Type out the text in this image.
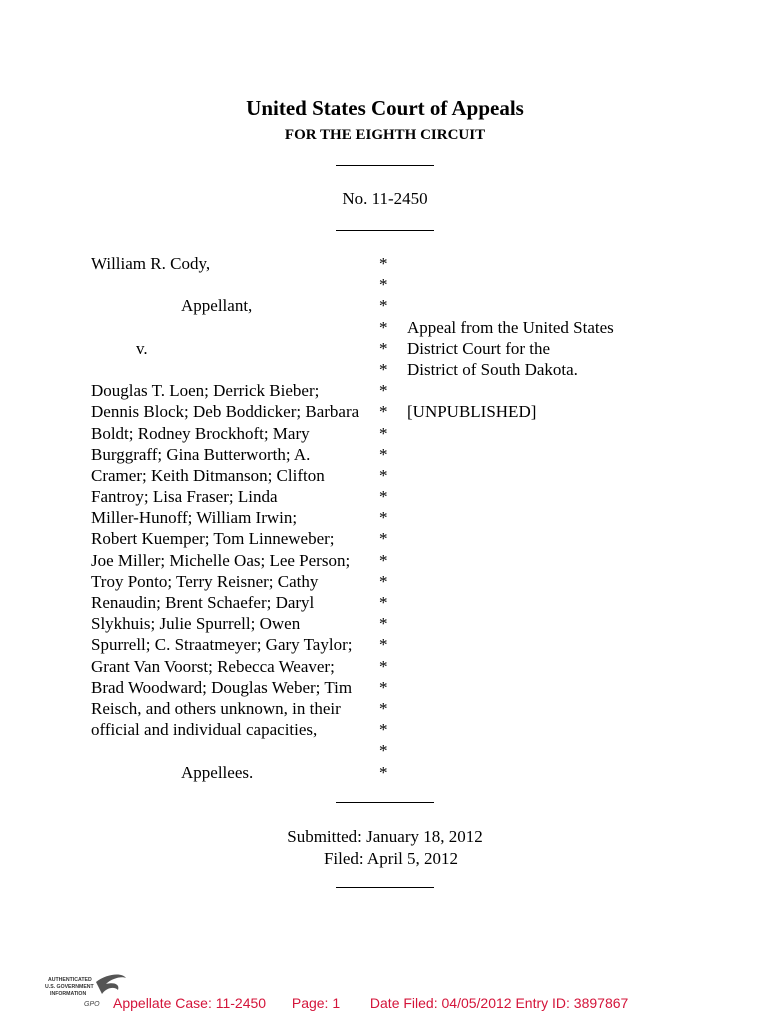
United States Court of Appeals
FOR THE EIGHTH CIRCUIT
No. 11-2450
William R. Cody,
Appellant,
v.
Douglas T. Loen; Derrick Bieber;
Dennis Block; Deb Boddicker; Barbara
Boldt; Rodney Brockhoft; Mary
Burggraff; Gina Butterworth; A.
Cramer; Keith Ditmanson; Clifton
Fantroy; Lisa Fraser; Linda
Miller-Hunoff; William Irwin;
Robert Kuemper; Tom Linneweber;
Joe Miller; Michelle Oas; Lee Person;
Troy Ponto; Terry Reisner; Cathy
Renaudin; Brent Schaefer; Daryl
Slykhuis; Julie Spurrell; Owen
Spurrell; C. Straatmeyer; Gary Taylor;
Grant Van Voorst; Rebecca Weaver;
Brad Woodward; Douglas Weber; Tim
Reisch, and others unknown, in their
official and individual capacities,
Appellees.
*
*
*
*
*
*
*
*
*
*
*
*
*
*
*
*
*
*
*
*
*
*
*
*
*
Appeal from the United States
District Court for the
District of South Dakota.
[UNPUBLISHED]
Submitted: January 18, 2012
Filed: April 5, 2012
AUTHENTICATED
U.S. GOVERNMENT
INFORMATION
GPO Appellate Case: 11-2450 Page: 1 Date Filed: 04/05/2012 Entry ID: 3897867
